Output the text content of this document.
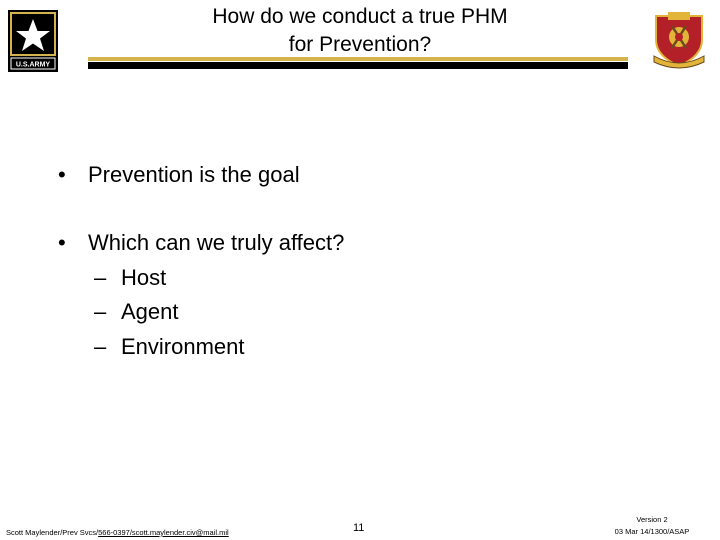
U.S.ARMY
How do we conduct a true PHM
for Prevention?
• Prevention is the goal
• Which can we truly affect?
– Host
– Agent
– Environment
Scott Maylender/Prev Svcs/566-0397/scott.maylender.civ@mail.mil	11
Version 2
03 Mar 14/1300/ASAP
